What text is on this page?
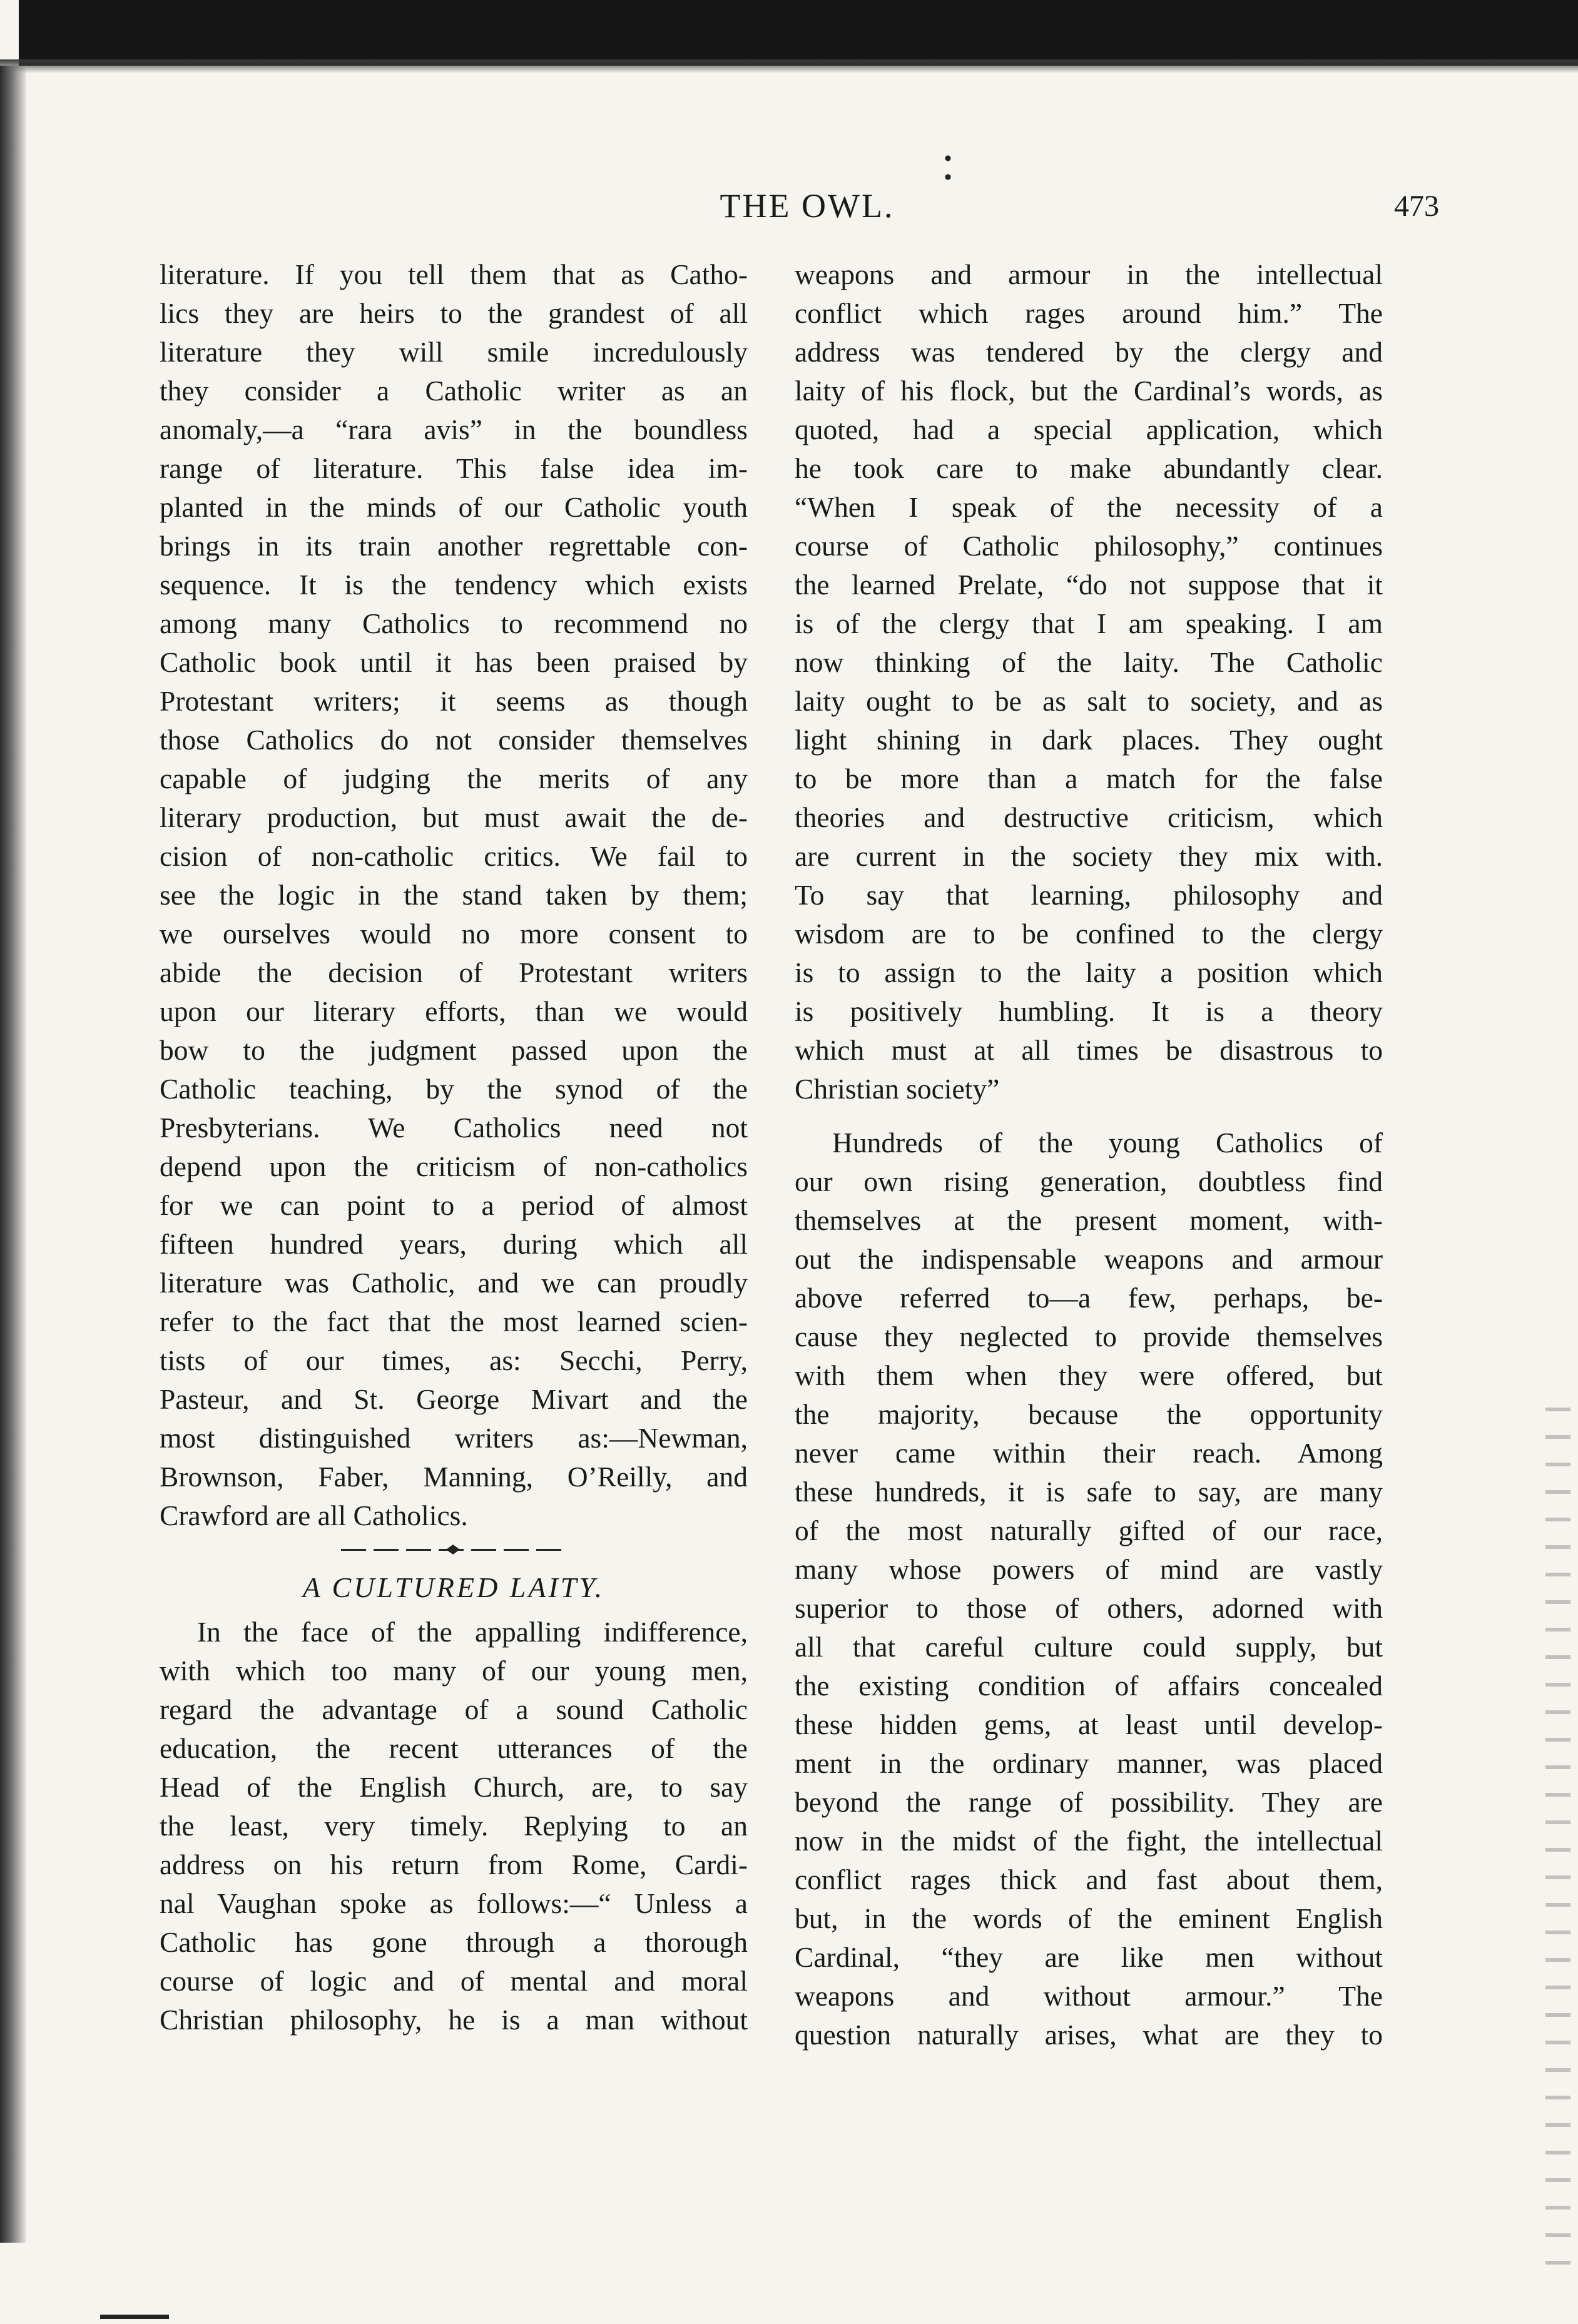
THE OWL.	473
literature. If you tell them that as Catho-
lics they are heirs to the grandest of all
literature they will smile incredulously
they consider a Catholic writer as an
anomaly,—a “rara avis” in the boundless
range of literature. This false idea im-
planted in the minds of our Catholic youth
brings in its train another regrettable con-
sequence. It is the tendency which exists
among many Catholics to recommend no
Catholic book until it has been praised by
Protestant writers; it seems as though
those Catholics do not consider themselves
capable of judging the merits of any
literary production, but must await the de-
cision of non-catholic critics. We fail to
see the logic in the stand taken by them;
we ourselves would no more consent to
abide the decision of Protestant writers
upon our literary efforts, than we would
bow to the judgment passed upon the
Catholic teaching, by the synod of the
Presbyterians. We Catholics need not
depend upon the criticism of non-catholics
for we can point to a period of almost
fifteen hundred years, during which all
literature was Catholic, and we can proudly
refer to the fact that the most learned scien-
tists of our times, as: Secchi, Perry,
Pasteur, and St. George Mivart and the
most distinguished writers as:—Newman,
Brownson, Faber, Manning, O’Reilly, and
Crawford are all Catholics.
A CULTURED LAITY.
In the face of the appalling indifference,
with which too many of our young men,
regard the advantage of a sound Catholic
education, the recent utterances of the
Head of the English Church, are, to say
the least, very timely. Replying to an
address on his return from Rome, Cardi-
nal Vaughan spoke as follows:—“ Unless a
Catholic has gone through a thorough
course of logic and of mental and moral
Christian philosophy, he is a man without
weapons and armour in the intellectual
conflict which rages around him.” The
address was tendered by the clergy and
laity of his flock, but the Cardinal’s words, as
quoted, had a special application, which
he took care to make abundantly clear.
“When I speak of the necessity of a
course of Catholic philosophy,” continues
the learned Prelate, “do not suppose that it
is of the clergy that I am speaking. I am
now thinking of the laity. The Catholic
laity ought to be as salt to society, and as
light shining in dark places. They ought
to be more than a match for the false
theories and destructive criticism, which
are current in the society they mix with.
To say that learning, philosophy and
wisdom are to be confined to the clergy
is to assign to the laity a position which
is positively humbling. It is a theory
which must at all times be disastrous to
Christian society”
Hundreds of the young Catholics of
our own rising generation, doubtless find
themselves at the present moment, with-
out the indispensable weapons and armour
above referred to—a few, perhaps, be-
cause they neglected to provide themselves
with them when they were offered, but
the majority, because the opportunity
never came within their reach. Among
these hundreds, it is safe to say, are many
of the most naturally gifted of our race,
many whose powers of mind are vastly
superior to those of others, adorned with
all that careful culture could supply, but
the existing condition of affairs concealed
these hidden gems, at least until develop-
ment in the ordinary manner, was placed
beyond the range of possibility. They are
now in the midst of the fight, the intellectual
conflict rages thick and fast about them,
but, in the words of the eminent English
Cardinal, “they are like men without
weapons and without armour.” The
question naturally arises, what are they to
